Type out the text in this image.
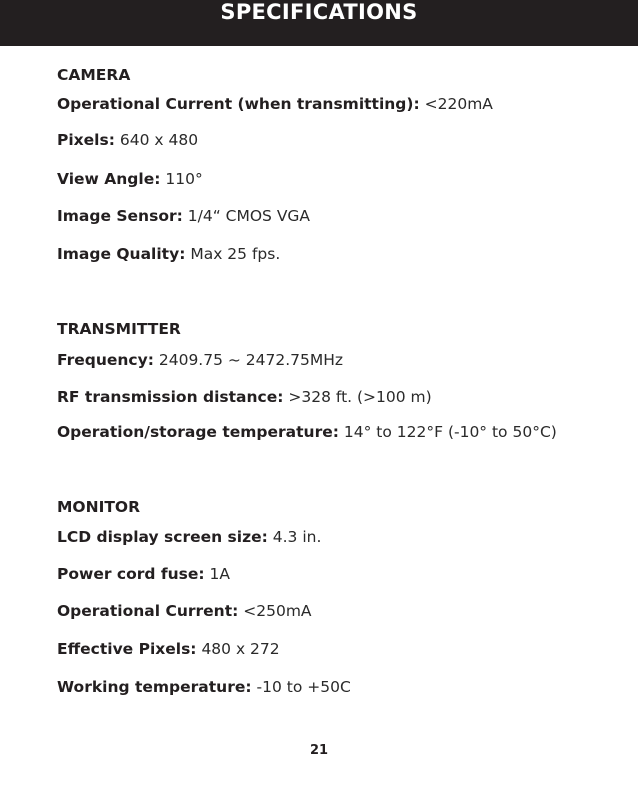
SPECIFICATIONS
CAMERA
Operational Current (when transmitting): <220mA
Pixels: 640 x 480
View Angle: 110°
Image Sensor: 1/4“ CMOS VGA
Image Quality: Max 25 fps.
TRANSMITTER
Frequency: 2409.75 ~ 2472.75MHz
RF transmission distance: >328 ft. (>100 m)
Operation/storage temperature: 14° to 122°F (-10° to 50°C)
MONITOR
LCD display screen size: 4.3 in.
Power cord fuse: 1A
Operational Current: <250mA
Effective Pixels: 480 x 272
Working temperature: -10 to +50C
21
